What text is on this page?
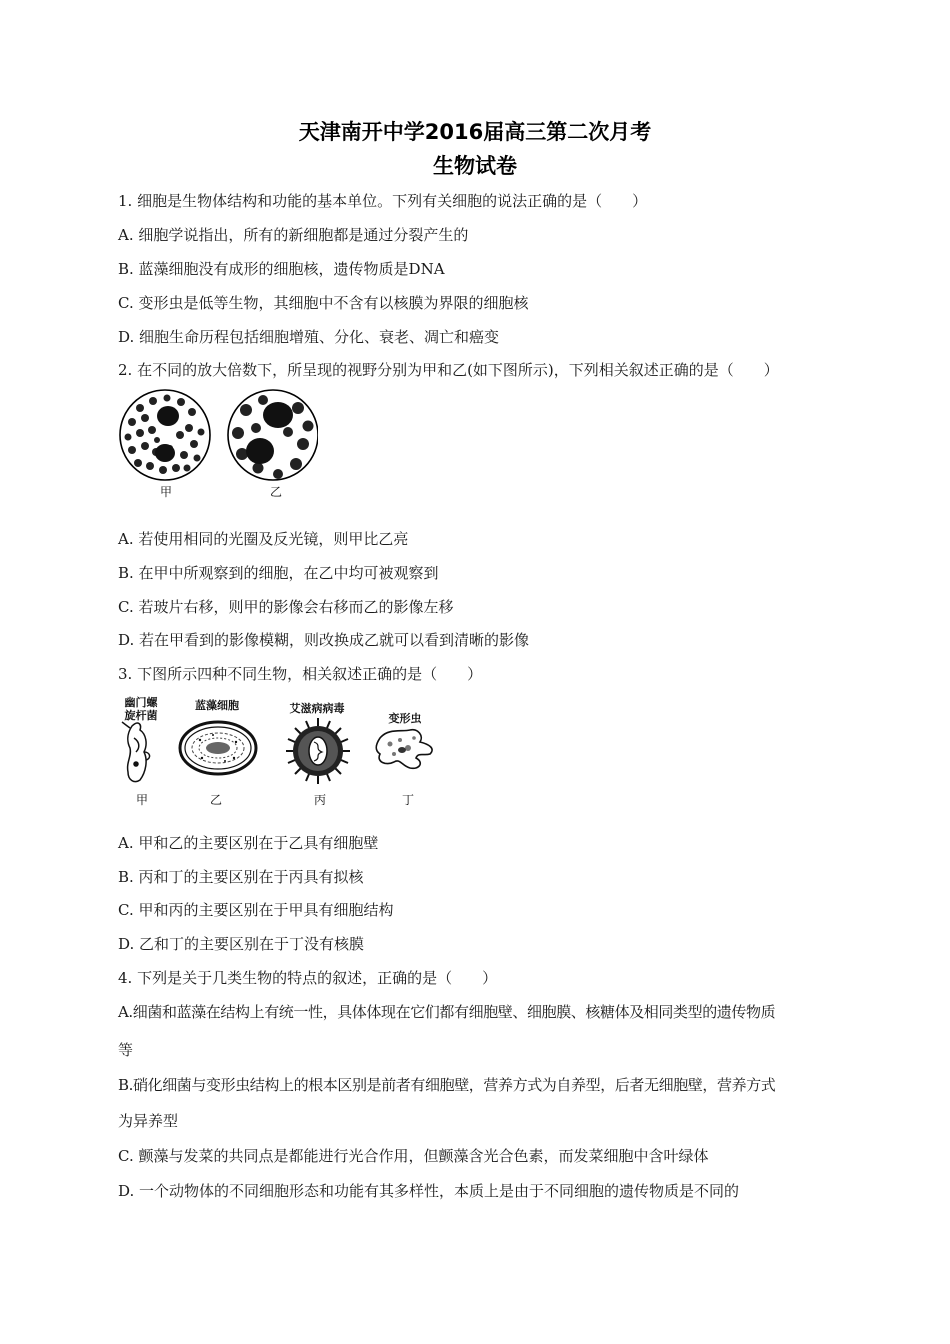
天津南开中学2016届高三第二次月考
生物试卷
1. 细胞是生物体结构和功能的基本单位。下列有关细胞的说法正确的是（　　）
A. 细胞学说指出，所有的新细胞都是通过分裂产生的
B. 蓝藻细胞没有成形的细胞核，遗传物质是DNA
C. 变形虫是低等生物，其细胞中不含有以核膜为界限的细胞核
D. 细胞生命历程包括细胞增殖、分化、衰老、凋亡和癌变
2. 在不同的放大倍数下，所呈现的视野分别为甲和乙(如下图所示)，下列相关叙述正确的是（　　）
甲	乙
A. 若使用相同的光圈及反光镜，则甲比乙亮
B. 在甲中所观察到的细胞，在乙中均可被观察到
C. 若玻片右移，则甲的影像会右移而乙的影像左移
D. 若在甲看到的影像模糊，则改换成乙就可以看到清晰的影像
3. 下图所示四种不同生物，相关叙述正确的是（　　）
幽门螺
旋杆菌
蓝藻细胞	艾滋病病毒
变形虫
甲	乙	丙	丁
A. 甲和乙的主要区别在于乙具有细胞壁
B. 丙和丁的主要区别在于丙具有拟核
C. 甲和丙的主要区别在于甲具有细胞结构
D. 乙和丁的主要区别在于丁没有核膜
4. 下列是关于几类生物的特点的叙述，正确的是（　　）
A.细菌和蓝藻在结构上有统一性，具体体现在它们都有细胞壁、细胞膜、核糖体及相同类型的遗传物质
等
B.硝化细菌与变形虫结构上的根本区别是前者有细胞壁，营养方式为自养型，后者无细胞壁，营养方式
为异养型
C. 颤藻与发菜的共同点是都能进行光合作用，但颤藻含光合色素，而发菜细胞中含叶绿体
D. 一个动物体的不同细胞形态和功能有其多样性，本质上是由于不同细胞的遗传物质是不同的
